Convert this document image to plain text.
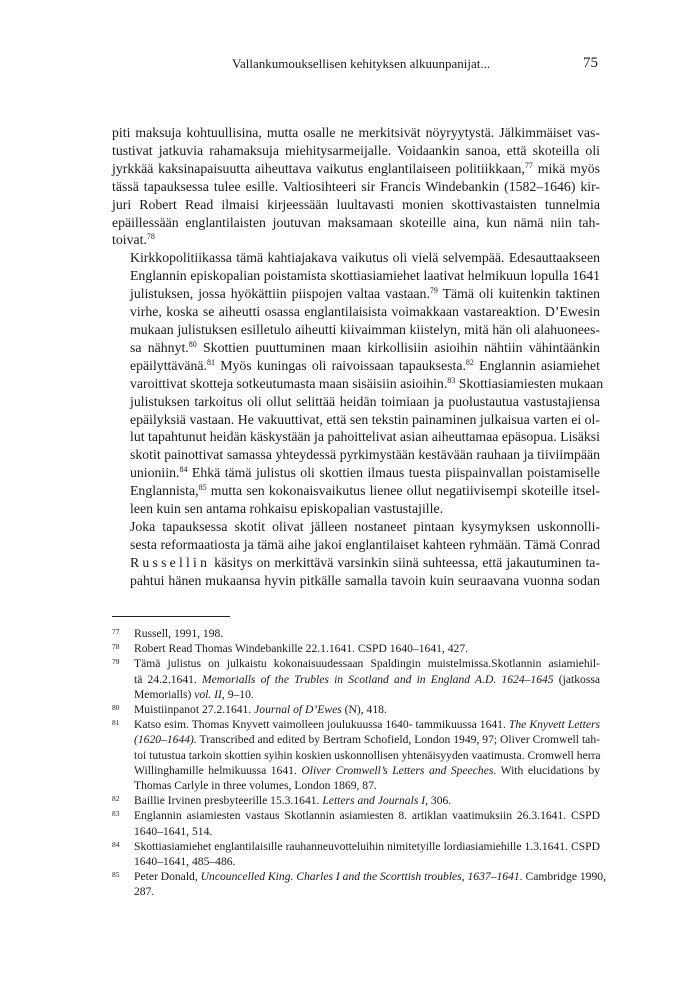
Vallankumouksellisen kehityksen alkuunpanijat...	75

piti maksuja kohtuullisina, mutta osalle ne merkitsivät nöyryytystä. Jälkimmäiset vas-
tustivat jatkuvia rahamaksuja miehitysarmeijalle. Voidaankin sanoa, että skoteilla oli
jyrkkää kaksinapaisuutta aiheuttava vaikutus englantilaiseen politiikkaan,$^{77}$ mikä myös
tässä tapauksessa tulee esille. Valtiosihteeri sir Francis Windebankin (1582–1646) kir-
juri Robert Read ilmaisi kirjeessään luultavasti monien skottivastaisten tunnelmia
epäillessään englantilaisten joutuvan maksamaan skoteille aina, kun nämä niin tah-
toivat.$^{78}$

Kirkkopolitiikassa tämä kahtiajakava vaikutus oli vielä selvempää. Edesauttaakseen
Englannin episkopalian poistamista skottiasiamiehet laativat helmikuun lopulla 1641
julistuksen, jossa hyökättiin piispojen valtaa vastaan.$^{79}$ Tämä oli kuitenkin taktinen
virhe, koska se aiheutti osassa englantilaisista voimakkaan vastareaktion. D’Ewesin
mukaan julistuksen esilletulo aiheutti kiivaimman kiistelyn, mitä hän oli alahuonees-
sa nähnyt.$^{80}$ Skottien puuttuminen maan kirkollisiin asioihin nähtiin vähintäänkin
epäilyttävänä.$^{81}$ Myös kuningas oli raivoissaan tapauksesta.$^{82}$ Englannin asiamiehet
varoittivat skotteja sotkeutumasta maan sisäisiin asioihin.$^{83}$ Skottiasiamiesten mukaan
julistuksen tarkoitus oli ollut selittää heidän toimiaan ja puolustautua vastustajiensa
epäilyksiä vastaan. He vakuuttivat, että sen tekstin painaminen julkaisua varten ei ol-
lut tapahtunut heidän käskystään ja pahoittelivat asian aiheuttamaa epäsopua. Lisäksi
skotit painottivat samassa yhteydessä pyrkimystään kestävään rauhaan ja tiiviimpään
unioniin.$^{84}$ Ehkä tämä julistus oli skottien ilmaus tuesta piispainvallan poistamiselle
Englannista,$^{85}$ mutta sen kokonaisvaikutus lienee ollut negatiivisempi skoteille itsel-
leen kuin sen antama rohkaisu episkopalian vastustajille.

Joka tapauksessa skotit olivat jälleen nostaneet pintaan kysymyksen uskonnolli-
sesta reformaatiosta ja tämä aihe jakoi englantilaiset kahteen ryhmään. Tämä Conrad
Russellin käsitys on merkittävä varsinkin siinä suhteessa, että jakautuminen ta-
pahtui hänen mukaansa hyvin pitkälle samalla tavoin kuin seuraavana vuonna sodan

77 Russell, 1991, 198.
78 Robert Read Thomas Windebankille 22.1.1641. CSPD 1640–1641, 427.
79 Tämä julistus on julkaistu kokonaisuudessaan Spaldingin muistelmissa.Skotlannin asiamiehil-
tä 24.2.1641. Memorialls of the Trubles in Scotland and in England A.D. 1624–1645 (jatkossa
Memorialls) vol. II, 9–10.
80 Muistiinpanot 27.2.1641. Journal of D’Ewes (N), 418.
81 Katso esim. Thomas Knyvett vaimolleen joulukuussa 1640- tammikuussa 1641. The Knyvett Letters
(1620–1644). Transcribed and edited by Bertram Schofield, London 1949, 97; Oliver Cromwell tah-
toi tutustua tarkoin skottien syihin koskien uskonnollisen yhtenäisyyden vaatimusta. Cromwell herra
Willinghamille helmikuussa 1641. Oliver Cromwell’s Letters and Speeches. With elucidations by
Thomas Carlyle in three volumes, London 1869, 87.
82 Baillie Irvinen presbyteerille 15.3.1641. Letters and Journals I, 306.
83 Englannin asiamiesten vastaus Skotlannin asiamiesten 8. artiklan vaatimuksiin 26.3.1641. CSPD
1640–1641, 514.
84 Skottiasiamiehet englantilaisille rauhanneuvotteluihin nimitetyille lordiasiamiehille 1.3.1641. CSPD
1640–1641, 485–486.
85 Peter Donald, Uncouncelled King. Charles I and the Scorttish troubles, 1637–1641. Cambridge 1990,
287.
